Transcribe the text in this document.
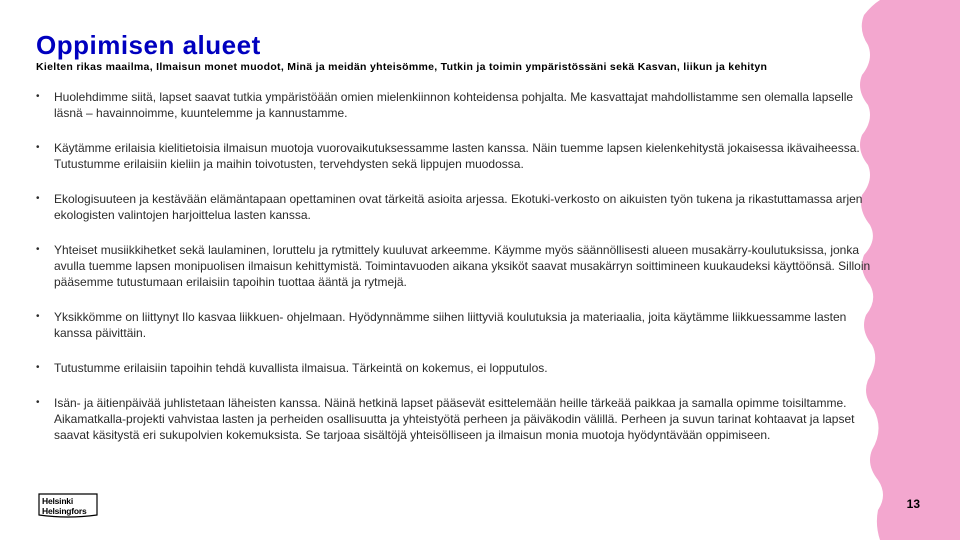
Oppimisen alueet

Kielten rikas maailma, Ilmaisun monet muodot, Minä ja meidän yhteisömme, Tutkin ja toimin ympäristössäni sekä Kasvan, liikun ja kehityn

• Huolehdimme siitä, lapset saavat tutkia ympäristöään omien mielenkiinnon kohteidensa pohjalta. Me kasvattajat mahdollistamme sen olemalla lapselle läsnä – havainnoimme, kuuntelemme ja kannustamme.
• Käytämme erilaisia kielitietoisia ilmaisun muotoja vuorovaikutuksessamme lasten kanssa. Näin tuemme lapsen kielenkehitystä jokaisessa ikävaiheessa. Tutustumme erilaisiin kieliin ja maihin toivotusten, tervehdysten sekä lippujen muodossa.
• Ekologisuuteen ja kestävään elämäntapaan opettaminen ovat tärkeitä asioita arjessa. Ekotuki-verkosto on aikuisten työn tukena ja rikastuttamassa arjen ekologisten valintojen harjoittelua lasten kanssa.
• Yhteiset musiikkihetket sekä laulaminen, loruttelu ja rytmittely kuuluvat arkeemme. Käymme myös säännöllisesti alueen musakärry-koulutuksissa, jonka avulla tuemme lapsen monipuolisen ilmaisun kehittymistä. Toimintavuoden aikana yksiköt saavat musakärryn soittimineen kuukaudeksi käyttöönsä. Silloin pääsemme tutustumaan erilaisiin tapoihin tuottaa ääntä ja rytmejä.
• Yksikkömme on liittynyt Ilo kasvaa liikkuen- ohjelmaan. Hyödynnämme siihen liittyviä koulutuksia ja materiaalia, joita käytämme liikkuessamme lasten kanssa päivittäin.
• Tutustumme erilaisiin tapoihin tehdä kuvallista ilmaisua. Tärkeintä on kokemus, ei lopputulos.
• Isän- ja äitienpäivää juhlistetaan läheisten kanssa. Näinä hetkinä lapset pääsevät esittelemään heille tärkeää paikkaa ja samalla opimme toisiltamme. Aikamatkalla-projekti vahvistaa lasten ja perheiden osallisuutta ja yhteistyötä perheen ja päiväkodin välillä. Perheen ja suvun tarinat kohtaavat ja lapset saavat käsitystä eri sukupolvien kokemuksista. Se tarjoaa sisältöjä yhteisölliseen ja ilmaisun monia muotoja hyödyntävään oppimiseen.
Helsinki
Helsingfors	13
